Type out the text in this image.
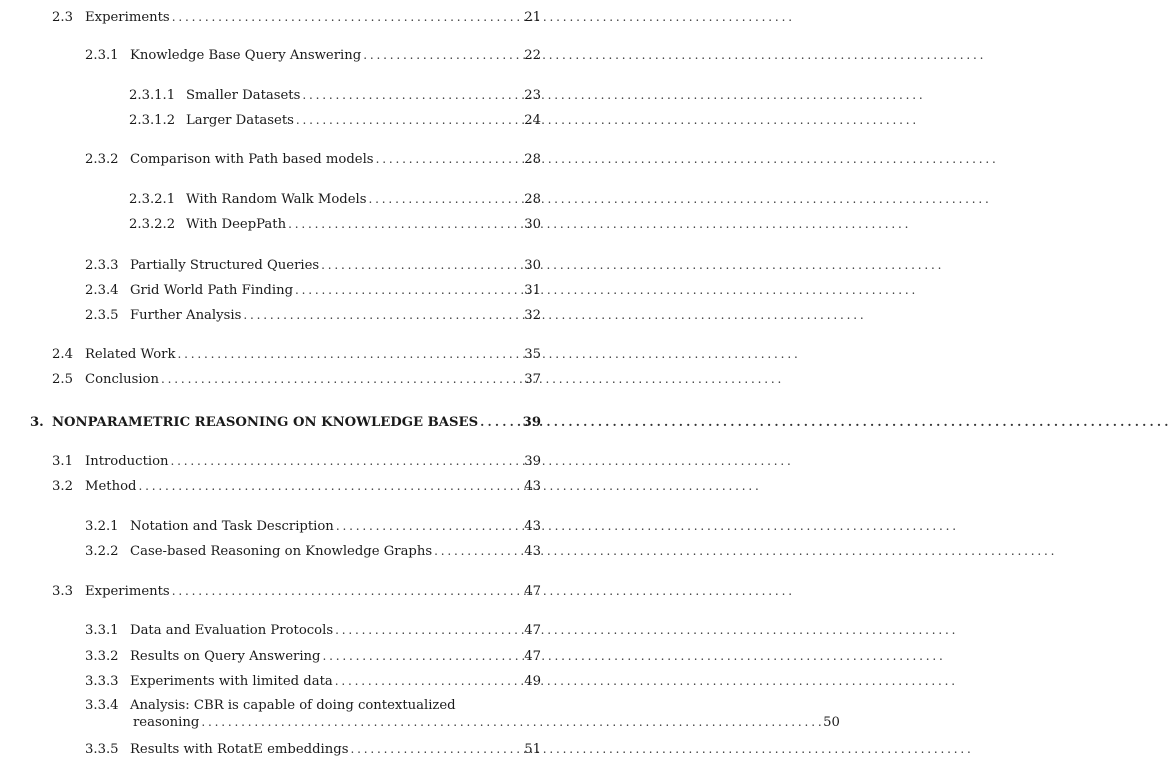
2.3 Experiments . . .	21
2.3.1 Knowledge Base Query Answering . . .	22
2.3.1.1 Smaller Datasets . . .	23
2.3.1.2 Larger Datasets . . .	24
2.3.2 Comparison with Path based models . . .	28
2.3.2.1 With Random Walk Models . . .	28
2.3.2.2 With DeepPath . . .	30
2.3.3 Partially Structured Queries . . .	30
2.3.4 Grid World Path Finding . . .	31
2.3.5 Further Analysis . . .	32
2.4 Related Work . . .	35
2.5 Conclusion . . .	37
3. NONPARAMETRIC REASONING ON KNOWLEDGE BASES . . .	39
3.1 Introduction . . .	39
3.2 Method . . .	43
3.2.1 Notation and Task Description . . .	43
3.2.2 Case-based Reasoning on Knowledge Graphs . . .	43
3.3 Experiments . . .	47
3.3.1 Data and Evaluation Protocols . . .	47
3.3.2 Results on Query Answering . . .	47
3.3.3 Experiments with limited data . . .	49
3.3.4 Analysis: CBR is capable of doing contextualized
reasoning . . .	50
3.3.5 Results with RotatE embeddings . . .	51
